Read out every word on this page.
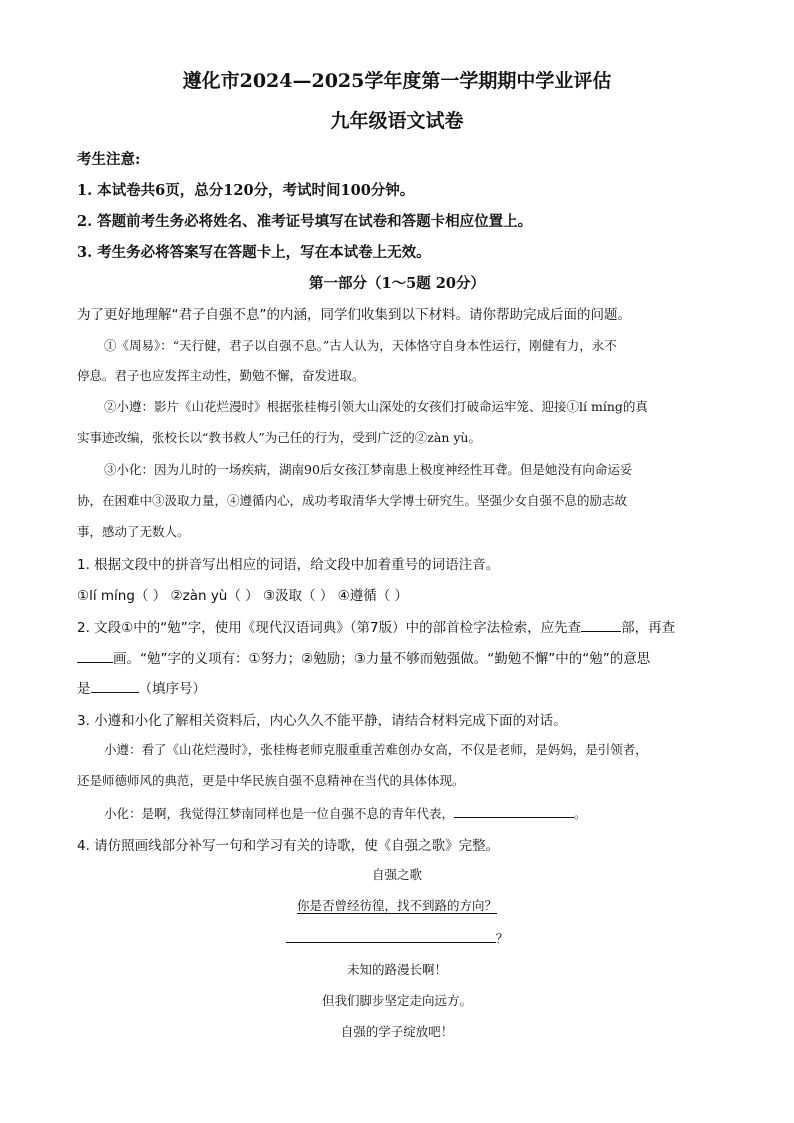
遵化市2024—2025学年度第一学期期中学业评估
九年级语文试卷
考生注意:
1. 本试卷共6页，总分120分，考试时间100分钟。
2. 答题前考生务必将姓名、准考证号填写在试卷和答题卡相应位置上。
3. 考生务必将答案写在答题卡上，写在本试卷上无效。
第一部分（1～5题 20分）
为了更好地理解“君子自强不息”的内涵，同学们收集到以下材料。请你帮助完成后面的问题。
①《周易》：“天行健，君子以自强不息。”古人认为，天体恪守自身本性运行，刚健有力，永不
停息。君子也应发挥主动性，勤勉不懈，奋发进取。
②小遵：影片《山花烂漫时》根据张桂梅引领大山深处的女孩们打破命运牢笼、迎接①lí míng的真
实事迹改编，张校长以“教书救人”为己任的行为，受到广泛的②zàn yù。
③小化：因为儿时的一场疾病，湖南90后女孩江梦南患上极度神经性耳聋。但是她没有向命运妥
协，在困难中③汲取力量，④遵循内心，成功考取清华大学博士研究生。坚强少女自强不息的励志故
事，感动了无数人。
1. 根据文段中的拼音写出相应的词语，给文段中加着重号的词语注音。
①lí míng（ ） ②zàn yù（ ） ③汲取（ ） ④遵循（ ）
2. 文段①中的“勉”字，使用《现代汉语词典》（第7版）中的部首检字法检索，应先查	部，再查
画。“勉”字的义项有：①努力；②勉励；③力量不够而勉强做。“勤勉不懈”中的“勉”的意思
是	（填序号）
3. 小遵和小化了解相关资料后，内心久久不能平静，请结合材料完成下面的对话。
小遵：看了《山花烂漫时》，张桂梅老师克服重重苦难创办女高，不仅是老师，是妈妈，是引领者，
还是师德师风的典范，更是中华民族自强不息精神在当代的具体体现。
小化：是啊，我觉得江梦南同样也是一位自强不息的青年代表，	。
4. 请仿照画线部分补写一句和学习有关的诗歌，使《自强之歌》完整。
自强之歌
你是否曾经彷徨，找不到路的方向？
？
未知的路漫长啊！
但我们脚步坚定走向远方。
自强的学子绽放吧！
